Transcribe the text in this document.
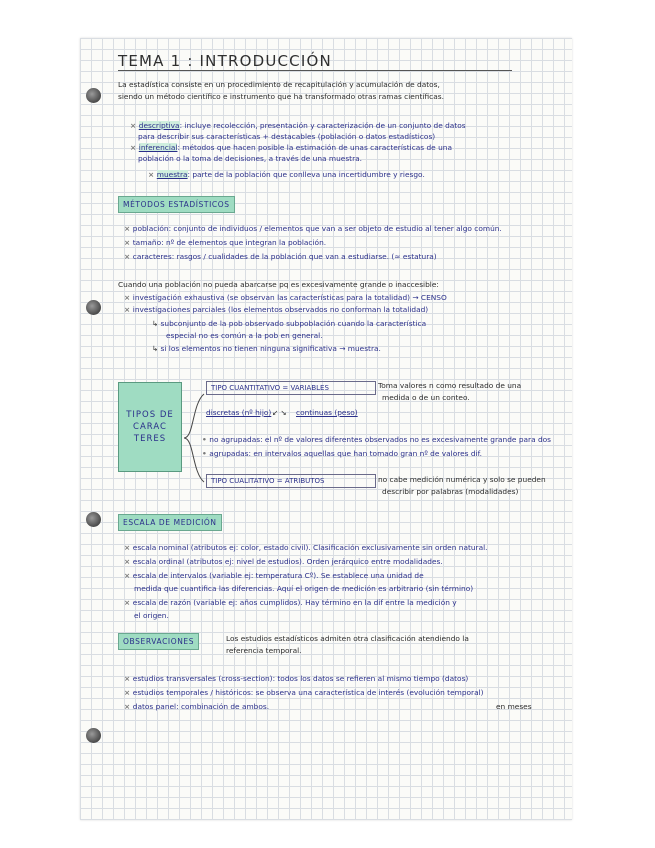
TEMA 1 : INTRODUCCIÓN
La estadística consiste en un procedimiento de recapitulación y acumulación de datos,
siendo un método científico e instrumento que ha transformado otras ramas científicas.
× descriptiva: incluye recolección, presentación y caracterización de un conjunto de datos
para describir sus características + destacables (población o datos estadísticos)
× inferencial: métodos que hacen posible la estimación de unas características de una
población o la toma de decisiones, a través de una muestra.
× muestra: parte de la población que conlleva una incertidumbre y riesgo.
MÉTODOS ESTADÍSTICOS
× población: conjunto de individuos / elementos que van a ser objeto de estudio al tener algo común.
× tamaño: nº de elementos que integran la población.
× caracteres: rasgos / cualidades de la población que van a estudiarse. (≈ estatura)
Cuando una población no pueda abarcarse pq es excesivamente grande o inaccesible:
× investigación exhaustiva (se observan las características para la totalidad) → CENSO
× investigaciones parciales (los elementos observados no conforman la totalidad)
↳ subconjunto de la pob observado subpoblación cuando la característica
especial no es común a la pob en general.
↳ si los elementos no tienen ninguna significativa → muestra.
TIPOS DE CARAC TERES
TIPO CUANTITATIVO = VARIABLES	Toma valores n como resultado de una
medida o de un conteo.
discretas (nº hijo) ↙ ↘ continuas (peso)
• no agrupadas: el nº de valores diferentes observados no es excesivamente grande para dos
• agrupadas: en intervalos aquellas que han tomado gran nº de valores dif.
TIPO CUALITATIVO = ATRIBUTOS	no cabe medición numérica y solo se pueden
describir por palabras (modalidades)
ESCALA DE MEDICIÓN
× escala nominal (atributos ej: color, estado civil). Clasificación exclusivamente sin orden natural.
× escala ordinal (atributos ej: nivel de estudios). Orden jerárquico entre modalidades.
× escala de intervalos (variable ej: temperatura Cº). Se establece una unidad de
medida que cuantifica las diferencias. Aquí el origen de medición es arbitrario (sin término)
× escala de razón (variable ej: años cumplidos). Hay término en la dif entre la medición y
el origen.
OBSERVACIONES	Los estudios estadísticos admiten otra clasificación atendiendo la
referencia temporal.
× estudios transversales (cross-section): todos los datos se refieren al mismo tiempo (datos)
× estudios temporales / históricos: se observa una característica de interés (evolución temporal)
× datos panel: combinación de ambos.	en meses
